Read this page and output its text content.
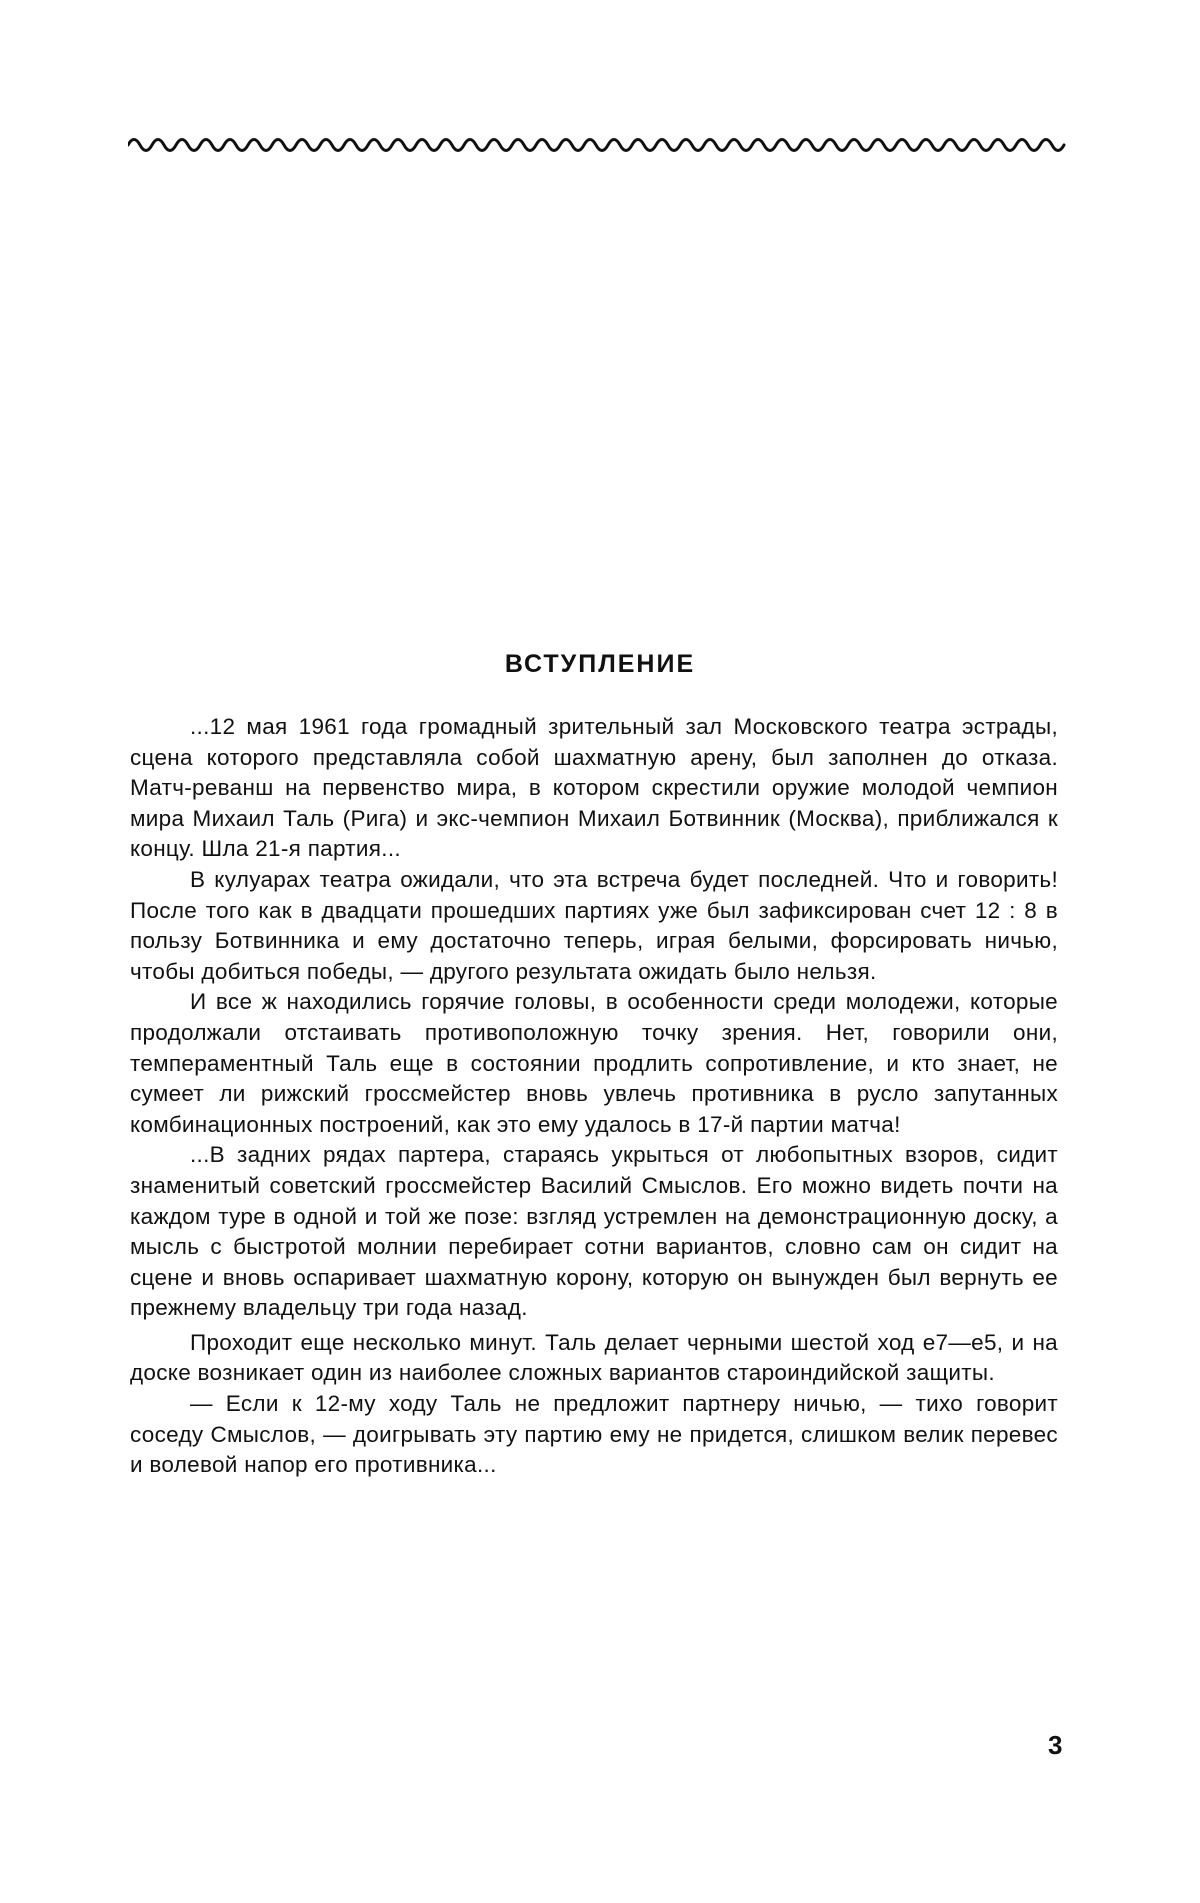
ВСТУПЛЕНИЕ

...12 мая 1961 года громадный зрительный зал Московского театра эстрады, сцена которого представляла собой шахматную арену, был заполнен до отказа. Матч-реванш на первенство мира, в котором скрестили оружие молодой чемпион мира Михаил Таль (Рига) и экс-чемпион Михаил Ботвинник (Москва), приближался к концу. Шла 21-я партия...

В кулуарах театра ожидали, что эта встреча будет последней. Что и говорить! После того как в двадцати прошедших партиях уже был зафиксирован счет 12 : 8 в пользу Ботвинника и ему достаточно теперь, играя белыми, форсировать ничью, чтобы добиться победы, — другого результата ожидать было нельзя.

И все ж находились горячие головы, в особенности среди молодежи, которые продолжали отстаивать противоположную точку зрения. Нет, говорили они, темпераментный Таль еще в состоянии продлить сопротивление, и кто знает, не сумеет ли рижский гроссмейстер вновь увлечь противника в русло запутанных комбинационных построений, как это ему удалось в 17-й партии матча!

...В задних рядах партера, стараясь укрыться от любопытных взоров, сидит знаменитый советский гроссмейстер Василий Смыслов. Его можно видеть почти на каждом туре в одной и той же позе: взгляд устремлен на демонстрационную доску, а мысль с быстротой молнии перебирает сотни вариантов, словно сам он сидит на сцене и вновь оспаривает шахматную корону, которую он вынужден был вернуть ее прежнему владельцу три года назад.

Проходит еще несколько минут. Таль делает черными шестой ход е7—е5, и на доске возникает один из наиболее сложных вариантов староиндийской защиты.

— Если к 12-му ходу Таль не предложит партнеру ничью, — тихо говорит соседу Смыслов, — доигрывать эту партию ему не придется, слишком велик перевес и волевой напор его противника...

3
